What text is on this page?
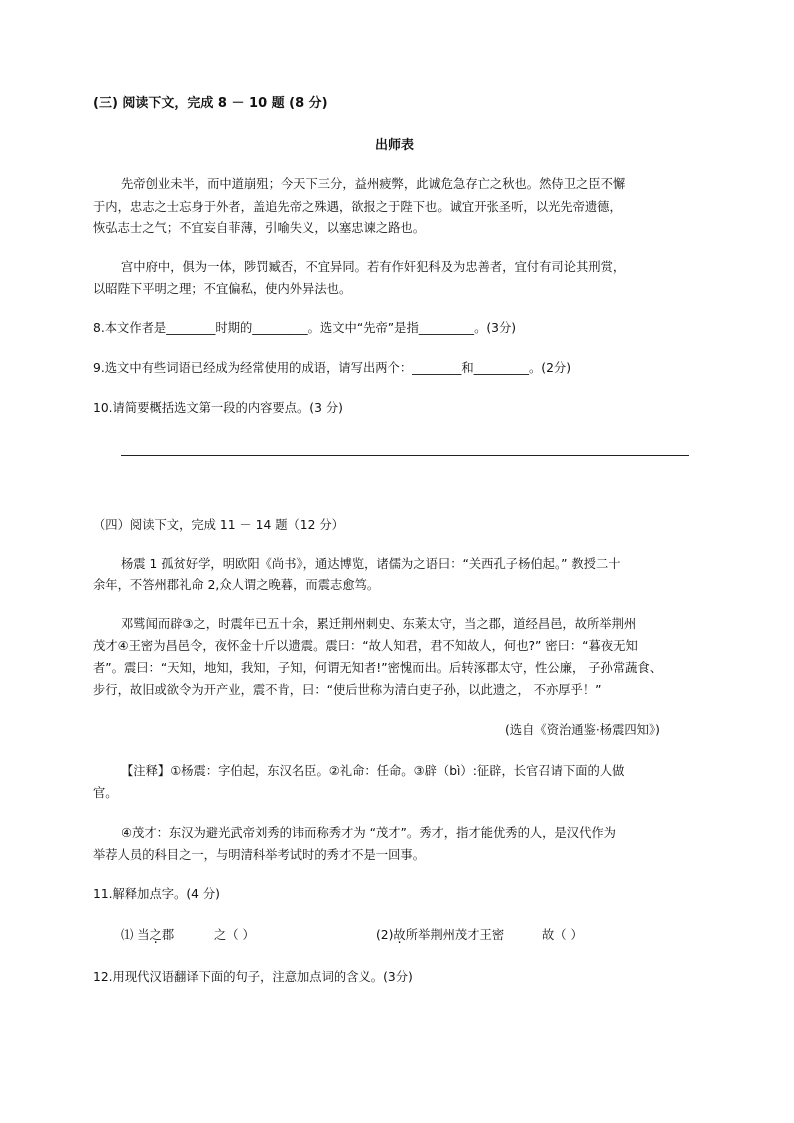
(三) 阅读下文，完成 8 － 10 题 (8 分)
出师表
先帝创业未半，而中道崩殂；今天下三分，益州疲弊，此诚危急存亡之秋也。然侍卫之臣不懈
于内，忠志之士忘身于外者，盖追先帝之殊遇，欲报之于陛下也。诚宜开张圣听，以光先帝遗德，
恢弘志士之气；不宜妄自菲薄，引喻失义，以塞忠谏之路也。
宫中府中，俱为一体，陟罚臧否，不宜异同。若有作奸犯科及为忠善者，宜付有司论其刑赏，
以昭陛下平明之理；不宜偏私，使内外异法也。
8.本文作者是________时期的_________。选文中“先帝”是指_________。(3分)
9.选文中有些词语已经成为经常使用的成语，请写出两个：________和_________。(2分)
10.请简要概括选文第一段的内容要点。(3 分)
（四）阅读下文，完成 11 － 14 题（12 分）
杨震 1 孤贫好学，明欧阳《尚书》，通达博览，诸儒为之语曰：“关西孔子杨伯起。” 教授二十
余年，不答州郡礼命 2,众人谓之晚暮，而震志愈笃。
邓骘闻而辟③之，时震年已五十余，累迁荆州刺史、东莱太守，当之郡，道经昌邑，故所举荆州
茂才④王密为昌邑令，夜怀金十斤以遗震。震曰：“故人知君，君不知故人，何也?” 密曰：“暮夜无知
者”。震曰：“天知，地知，我知，子知，何谓无知者!”密愧而出。后转涿郡太守，性公廉， 子孙常蔬食、
步行，故旧或欲令为开产业，震不肯，曰：“使后世称为清白吏子孙，以此遗之， 不亦厚乎！”
(选自《资治通鉴·杨震四知》)
【注释】①杨震：字伯起，东汉名臣。②礼命：任命。③辟（bì）:征辟，长官召请下面的人做
官。
④茂才：东汉为避光武帝刘秀的讳而称秀才为 “茂才”。秀才，指才能优秀的人，是汉代作为
举荐人员的科目之一，与明清科举考试时的秀才不是一回事。
11.解释加点字。(4 分)
⑴ 当之郡	之（ ）	(2)故所举荆州茂才王密	故（ ）
12.用现代汉语翻译下面的句子，注意加点词的含义。(3分)
